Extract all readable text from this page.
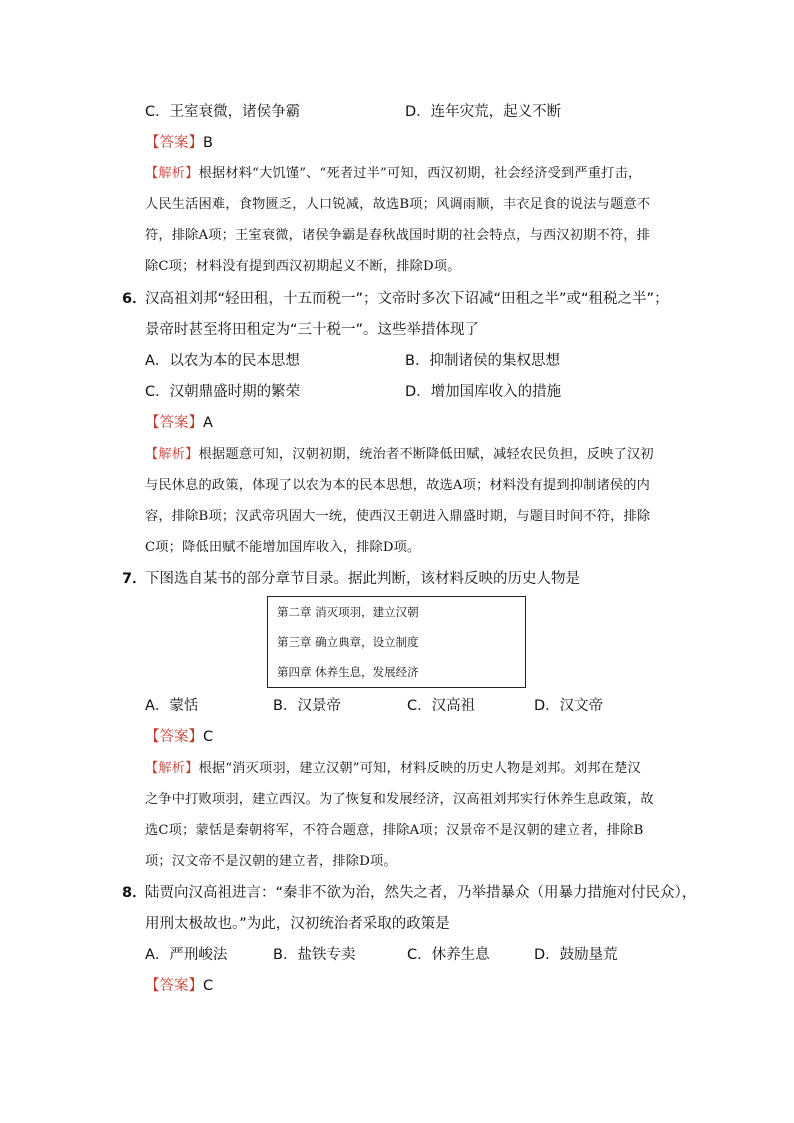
C．王室衰微，诸侯争霸	D．连年灾荒，起义不断
【答案】B
【解析】根据材料“大饥馑”、“死者过半”可知，西汉初期，社会经济受到严重打击，
人民生活困难，食物匮乏，人口锐减，故选B项；风调雨顺，丰衣足食的说法与题意不
符，排除A项；王室衰微，诸侯争霸是春秋战国时期的社会特点，与西汉初期不符，排
除C项；材料没有提到西汉初期起义不断，排除D项。
6．汉高祖刘邦“轻田租，十五而税一”；文帝时多次下诏减“田租之半”或“租税之半”；
景帝时甚至将田租定为“三十税一”。这些举措体现了
A．以农为本的民本思想	B．抑制诸侯的集权思想
C．汉朝鼎盛时期的繁荣	D．增加国库收入的措施
【答案】A
【解析】根据题意可知，汉朝初期，统治者不断降低田赋，减轻农民负担，反映了汉初
与民休息的政策，体现了以农为本的民本思想，故选A项；材料没有提到抑制诸侯的内
容，排除B项；汉武帝巩固大一统，使西汉王朝进入鼎盛时期，与题目时间不符，排除
C项；降低田赋不能增加国库收入，排除D项。
7．下图选自某书的部分章节目录。据此判断，该材料反映的历史人物是
第二章 消灭项羽，建立汉朝
第三章 确立典章，设立制度
第四章 休养生息，发展经济
A．蒙恬	B．汉景帝	C．汉高祖	D．汉文帝
【答案】C
【解析】根据“消灭项羽，建立汉朝”可知，材料反映的历史人物是刘邦。刘邦在楚汉
之争中打败项羽，建立西汉。为了恢复和发展经济，汉高祖刘邦实行休养生息政策，故
选C项；蒙恬是秦朝将军，不符合题意，排除A项；汉景帝不是汉朝的建立者，排除B
项；汉文帝不是汉朝的建立者，排除D项。
8．陆贾向汉高祖进言：“秦非不欲为治，然失之者，乃举措暴众（用暴力措施对付民众），
用刑太极故也。”为此，汉初统治者采取的政策是
A．严刑峻法	B．盐铁专卖	C．休养生息	D．鼓励垦荒
【答案】C
